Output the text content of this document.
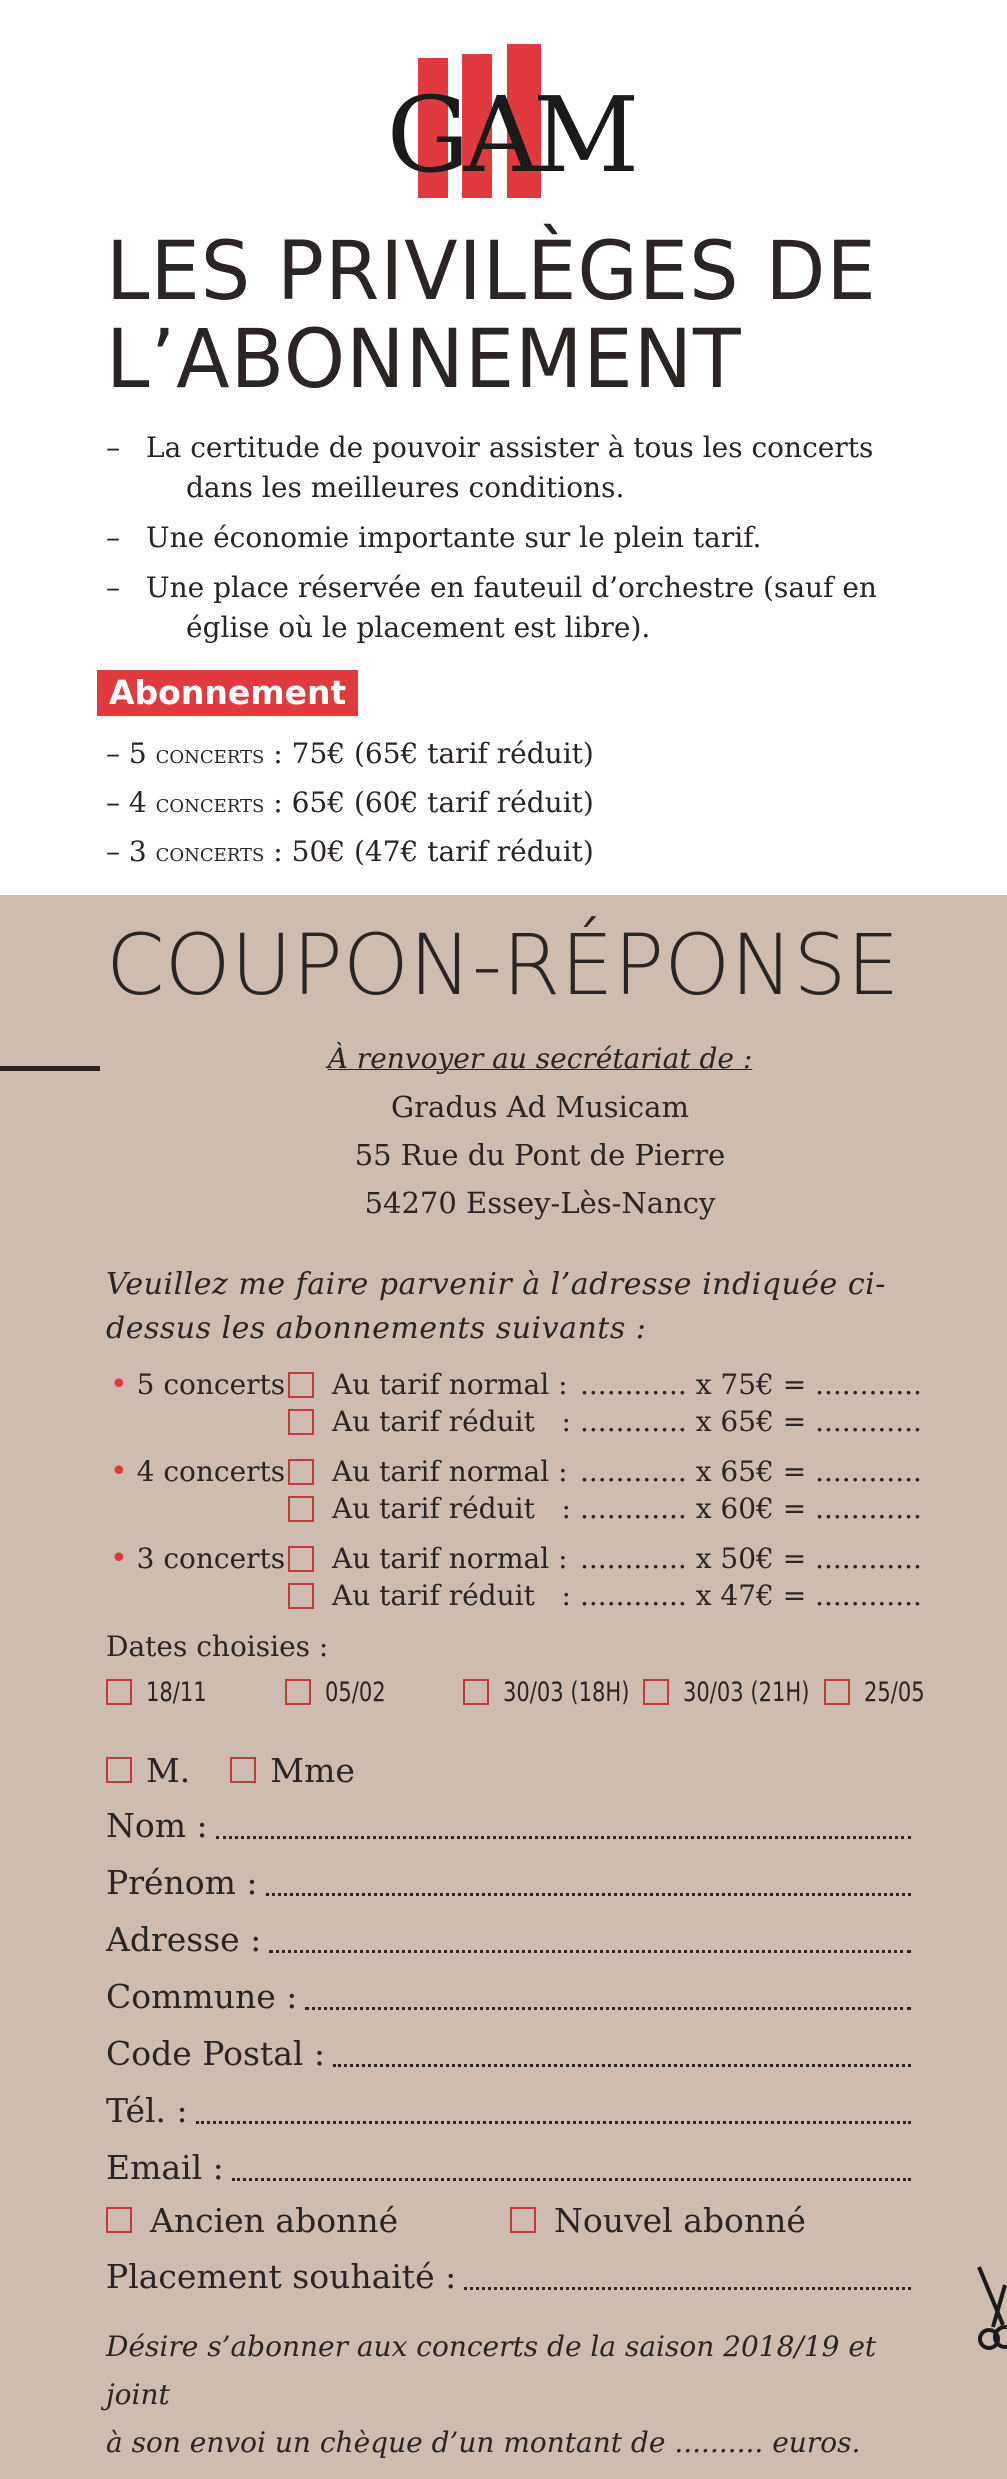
GAM
LES PRIVILÈGES DE
L’ABONNEMENT
– La certitude de pouvoir assister à tous les concerts
dans les meilleures conditions.
– Une économie importante sur le plein tarif.
– Une place réservée en fauteuil d’orchestre (sauf en
église où le placement est libre).
Abonnement
– 5 concerts : 75€ (65€ tarif réduit)
– 4 concerts : 65€ (60€ tarif réduit)
– 3 concerts : 50€ (47€ tarif réduit)
COUPON-RÉPONSE
À renvoyer au secrétariat de :
Gradus Ad Musicam
55 Rue du Pont de Pierre
54270 Essey-Lès-Nancy

Veuillez me faire parvenir à l’adresse indiquée ci-dessus les abonnements suivants :

• 5 concerts Au tarif normal : ............ x 75€ = ............
Au tarif réduit   : ............ x 65€ = ............
• 4 concerts Au tarif normal : ............ x 65€ = ............
Au tarif réduit   : ............ x 60€ = ............
• 3 concerts Au tarif normal : ............ x 50€ = ............
Au tarif réduit   : ............ x 47€ = ............
Dates choisies :
18/11	05/02	30/03 (18H) 30/03 (21H) 25/05
M. Mme
Nom :
Prénom :
Adresse :
Commune :
Code Postal :
Tél. :
Email :
Ancien abonné	Nouvel abonné
Placement souhaité :
Désire s’abonner aux concerts de la saison 2018/19 et joint
à son envoi un chèque d’un montant de .......... euros.
